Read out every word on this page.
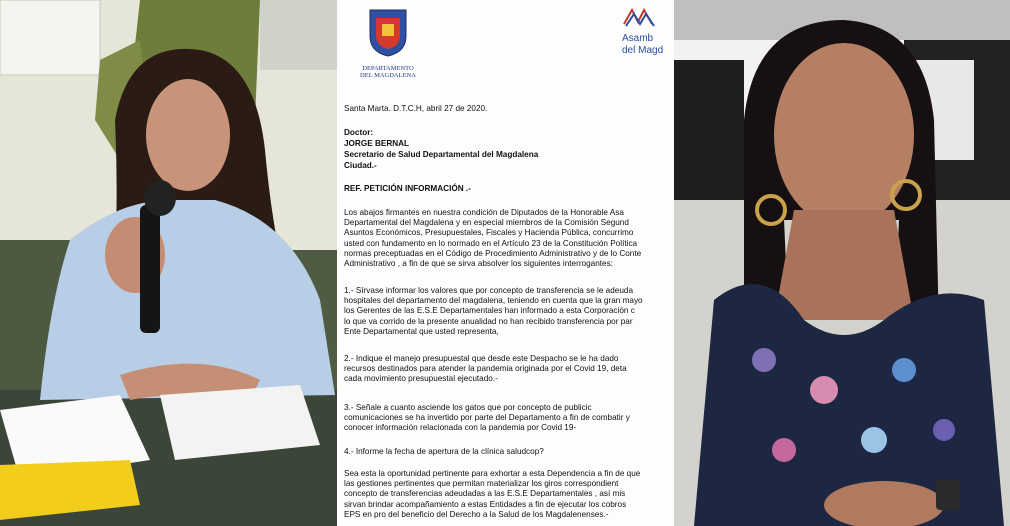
DEPARTAMENTO
DEL MAGDALENA
Asamb
del Magd

Santa Marta. D.T.C.H, abril 27 de 2020.

Doctor:

JORGE BERNAL

Secretario de Salud Departamental del Magdalena

Ciudad.-

REF. PETICIÓN INFORMACIÓN .-

Los abajos firmantes en nuestra condición de Diputados de la Honorable Asa
Departamental del Magdalena y en especial miembros de la Comisión Segund
Asuntos Económicos, Presupuestales, Fiscales y Hacienda Pública, concurrimo
usted con fundamento en lo normado en el Artículo 23 de la Constitución Política
normas preceptuadas en el Código de Procedimiento Administrativo y de lo Conte
Administrativo , a fin de que se sirva absolver los siguientes interrogantes:

1.- Sírvase informar los valores que por concepto de transferencia se le adeuda
hospitales del departamento del magdalena, teniendo en cuenta que la gran mayo
los Gerentes de las E.S.E Departamentales han informado a esta Corporación c
lo que va corrido de la presente anualidad no han recibido transferencia por par
Ente Departamental que usted representa,

2.- Indique el manejo presupuestal que desde este Despacho se le ha dado
recursos destinados para atender la pandemia originada por el Covid 19, deta
cada movimiento presupuestal ejecutado.-

3.- Señale a cuanto asciende los gatos que por concepto de publicic
comunicaciones se ha invertido por parte del Departamento a fin de combatir y
conocer información relacionada con la pandemia por Covid 19-

4.- Informe la fecha de apertura de la clínica saludcop?

Sea esta la oportunidad pertinente para exhortar a esta Dependencia a fin de que
las gestiones pertinentes que permitan materializar los giros correspondient
concepto de transferencias adeudadas a las E.S.E Departamentales , así mis
sirvan brindar acompañamiento a estas Entidades a fin de ejecutar los cobros
EPS en pro del beneficio del Derecho a la Salud de los Magdalenenses.-
